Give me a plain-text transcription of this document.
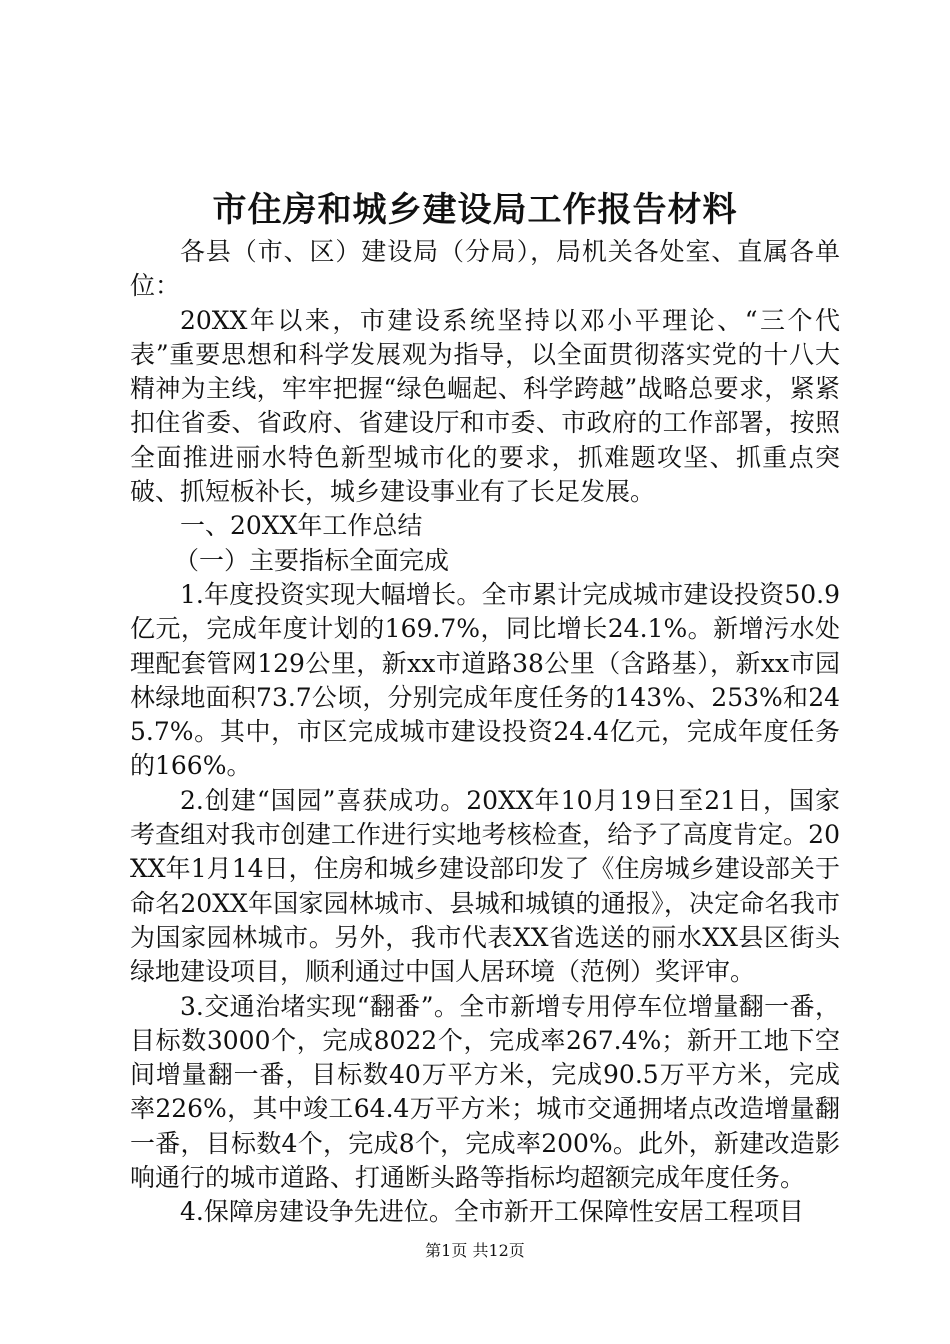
市住房和城乡建设局工作报告材料

各县（市、区）建设局（分局），局机关各处室、直属各单位：

20XX年以来，市建设系统坚持以邓小平理论、“三个代表”重要思想和科学发展观为指导，以全面贯彻落实党的十八大精神为主线，牢牢把握“绿色崛起、科学跨越”战略总要求，紧紧扣住省委、省政府、省建设厅和市委、市政府的工作部署，按照全面推进丽水特色新型城市化的要求，抓难题攻坚、抓重点突破、抓短板补长，城乡建设事业有了长足发展。

一、20XX年工作总结

（一）主要指标全面完成

1.年度投资实现大幅增长。全市累计完成城市建设投资50.9亿元，完成年度计划的169.7%，同比增长24.1%。新增污水处理配套管网129公里，新xx市道路38公里（含路基），新xx市园林绿地面积73.7公顷，分别完成年度任务的143%、253%和245.7%。其中，市区完成城市建设投资24.4亿元，完成年度任务的166%。

2.创建“国园”喜获成功。20XX年10月19日至21日，国家考查组对我市创建工作进行实地考核检查，给予了高度肯定。20XX年1月14日，住房和城乡建设部印发了《住房城乡建设部关于命名20XX年国家园林城市、县城和城镇的通报》，决定命名我市为国家园林城市。另外，我市代表XX省选送的丽水XX县区街头绿地建设项目，顺利通过中国人居环境（范例）奖评审。

3.交通治堵实现“翻番”。全市新增专用停车位增量翻一番，目标数3000个，完成8022个，完成率267.4%；新开工地下空间增量翻一番，目标数40万平方米，完成90.5万平方米，完成率226%，其中竣工64.4万平方米；城市交通拥堵点改造增量翻一番，目标数4个，完成8个，完成率200%。此外，新建改造影响通行的城市道路、打通断头路等指标均超额完成年度任务。

4.保障房建设争先进位。全市新开工保障性安居工程项目

第1页 共12页
